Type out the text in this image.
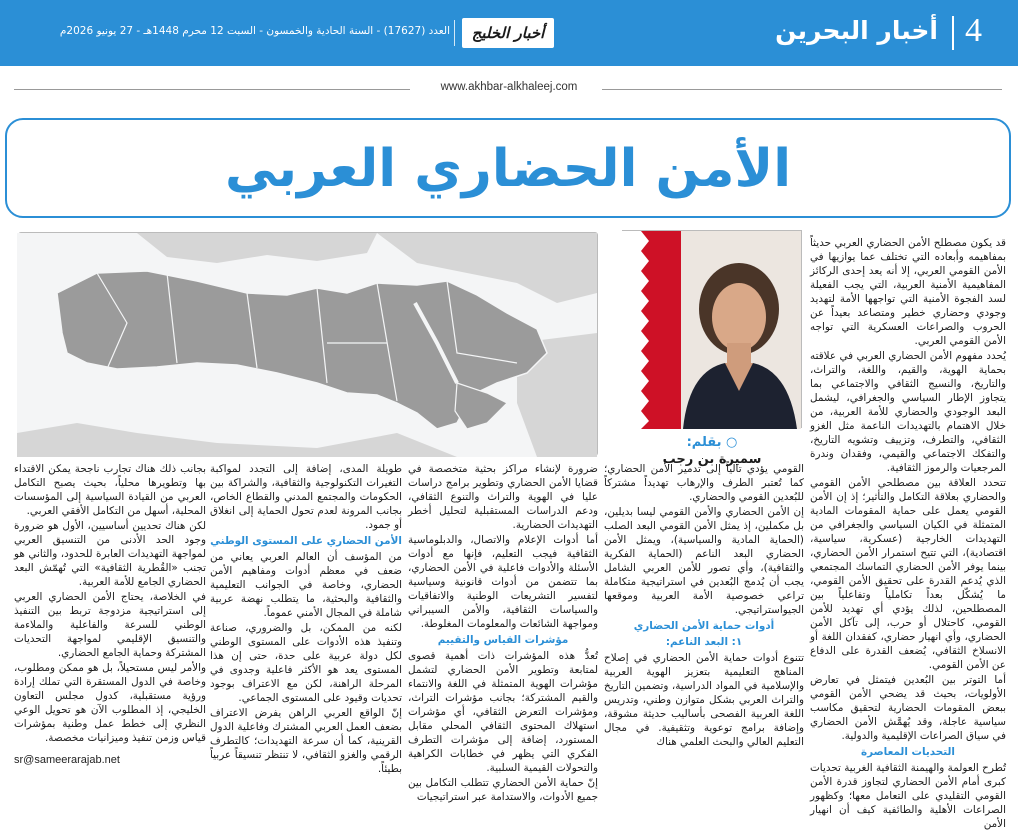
4
أخبار البحرين
أخبار الخليج
العدد (17627) - السنة الحادية والخمسون - السبت 12 محرم 1448هـ - 27 يونيو 2026م
www.akhbar-alkhaleej.com
الأمن الحضاري العربي

قد يكون مصطلح الأمن الحضاري العربي حديثاً بمفاهيمه وأبعاده التي تختلف عما يوازيها في الأمن القومي العربي، إلا أنه يعد إحدى الركائز المفاهيمية الأمنية العربية، التي يجب الفعيلة لسد الفجوة الأمنية التي تواجهها الأمة لتهديد وجودي وحضاري خطير ومتصاعد بعيداً عن الحروب والصراعات العسكرية التي تواجه الأمن القومي العربي.

يُحدد مفهوم الأمن الحضاري العربي في علاقته بحماية الهوية، والقيم، واللغة، والتراث، والتاريخ، والنسيج الثقافي والاجتماعي بما يتجاوز الإطار السياسي والجغرافي، ليشمل البعد الوجودي والحضاري للأمة العربية، من خلال الاهتمام بالتهديدات الناعمة مثل الغزو الثقافي، والتطرف، وتزييف وتشويه التاريخ، والتفكك الاجتماعي والقيمي، وفقدان وندرة المرجعيات والرموز الثقافية.

تتحدد العلاقة بين مصطلحي الأمن القومي والحضاري بعلاقة التكامل والتأثير؛ إذ إن الأمن القومي يعمل على حماية المقومات المادية المتمثلة في الكيان السياسي والجغرافي من التهديدات الخارجية (عسكرية، سياسية، اقتصادية)، التي تتيح استمرار الأمن الحضاري، بينما يوفر الأمن الحضاري التماسك المجتمعي الذي يُدعم القدرة على تحقيق الأمن القومي، ما يُشكّل بعداً تكاملياً وتفاعلياً بين المصطلحين، لذلك يؤدي أي تهديد للأمن القومي، كاحتلال أو حرب، إلى تآكل الأمن الحضاري، وأي انهيار حضاري، كفقدان اللغة أو الانسلاخ الثقافي، يُضعف القدرة على الدفاع عن الأمن القومي.

أما التوتر بين البُعدين فيتمثل في تعارض الأولويات، بحيث قد يضحي الأمن القومي ببعض المقومات الحضارية لتحقيق مكاسب سياسية عاجلة، وقد يُهمَّش الأمن الحضاري في سياق الصراعات الإقليمية والدولية.

التحديات المعاصرة

تُطرح العولمة والهيمنة الثقافية الغربية تحديات كبرى أمام الأمن الحضاري لتجاوز قدرة الأمن القومي التقليدي على التعامل معها؛ وكظهور الصراعات الأهلية والطائفية كيف أن انهيار الأمن

○ بقلم:
سميرة بن رجب

القومي يؤدي تالياً إلى تدمير الأمن الحضاري؛ كما تُعتبر الطرف والإرهاب تهديداً مشتركاً للبُعدين القومي والحضاري.

إن الأمن الحضاري والأمن القومي ليسا بديلين، بل مكملين، إذ يمثل الأمن القومي البعد الصلب (الحماية المادية والسياسية)، ويمثل الأمن الحضاري البعد الناعم (الحماية الفكرية والثقافية)، وأي تصور للأمن العربي الشامل يجب أن يُدمج البُعدين في استراتيجية متكاملة تراعي خصوصية الأمة العربية وموقعها الجيواستراتيجي.

أدوات حماية الأمن الحضاري

١: البعد الناعم:

تتنوع أدوات حماية الأمن الحضاري في إصلاح المناهج التعليمية بتعزيز الهوية العربية والإسلامية في المواد الدراسية، وتضمين التاريخ والتراث العربي بشكل متوازن وطني، وتدريس اللغة العربية الفصحى بأساليب حديثة مشوقة، وإضافة برامج توعوية وتثقيفية. في مجال التعليم العالي والبحث العلمي هناك

ضرورة لإنشاء مراكز بحثية متخصصة في قضايا الأمن الحضاري وتطوير برامج دراسات عليا في الهوية والتراث والتنوع الثقافي، ودعم الدراسات المستقبلية لتحليل أخطر التهديدات الحضارية.

أما أدوات الإعلام والاتصال، والدبلوماسية الثقافية فيجب التعليم، فإنها مع أدوات الأسئلة والأدوات فاعلية في الأمن الحضاري، بما تتضمن من أدوات قانونية وسياسية لتفسير التشريعات الوطنية والاتفاقيات والسياسات الثقافية، والأمن السيبراني ومواجهة الشائعات والمعلومات المغلوطة.

مؤشرات القياس والتقييم

تُعدُّ هذه المؤشرات ذات أهمية قصوى لمتابعة وتطوير الأمن الحضاري لتشمل مؤشرات الهوية المتمثلة في اللغة والانتماء والقيم المشتركة؛ بجانب مؤشرات التراث، ومؤشرات التعرض الثقافي، أي مؤشرات استهلاك المحتوى الثقافي المحلي مقابل المستورد، إضافة إلى مؤشرات التطرف الفكري التي يظهر في خطابات الكراهية والتحولات القيمية السلبية.

إنّ حماية الأمن الحضاري تتطلب التكامل بين جميع الأدوات، والاستدامة عبر استراتيجيات

طويلة المدى، إضافة إلى التجدد لمواكبة التغيرات التكنولوجية والثقافية، والشراكة بين الحكومات والمجتمع المدني والقطاع الخاص، بجانب المرونة لعدم تحول الحماية إلى انغلاق أو جمود.

الأمن الحضاري على المستوى الوطني

من المؤسف أن العالم العربي يعاني من ضعف في معظم أدوات ومفاهيم الأمن الحضاري، وخاصة في الجوانب التعليمية والثقافية والبحثية، ما يتطلب نهضة عربية شاملة في المجال الأمني عموماً.

لكنه من الممكن، بل والضروري، صناعة وتنفيذ هذه الأدوات على المستوى الوطني لكل دولة عربية على حدة، حتى إن هذا المستوى يعد هو الأكثر فاعلية وجدوى في المرحلة الراهنة، لكن مع الاعتراف بوجود تحديات وقيود على المستوى الجماعي.

إنّ الواقع العربي الراهن يفرض الاعتراف بضعف العمل العربي المشترك وفاعلية الدول القرينية، كما أن سرعة التهديدات؛ كالتطرف الرقمي والغزو الثقافي، لا تنتظر تنسيقاً عربياً بطيئاً.

بجانب ذلك هناك تجارب ناجحة يمكن الاقتداء بها وتطويرها محلياً، بحيث يصبح التكامل العربي من القيادة السياسية إلى المؤسسات المحلية، أسهل من التكامل الأفقي العربي.

لكن هناك تحديين أساسيين، الأول هو ضرورة وجود الحد الأدنى من التنسيق العربي لمواجهة التهديدات العابرة للحدود، والثاني هو تجنب «القُطرية الثقافية» التي تُهمّش البعد الحضاري الجامع للأمة العربية.

في الخلاصة، يحتاج الأمن الحضاري العربي إلى استراتيجية مزدوجة تربط بين التنفيذ الوطني للسرعة والفاعلية والملاءمة والتنسيق الإقليمي لمواجهة التحديات المشتركة وحماية الجامع الحضاري.

والأمر ليس مستحيلاً، بل هو ممكن ومطلوب، وخاصة في الدول المستقرة التي تملك إرادة ورؤية مستقبلية، كدول مجلس التعاون الخليجي، إذ المطلوب الآن هو تحويل الوعي النظري إلى خطط عمل وطنية بمؤشرات قياس وزمن تنفيذ وميزانيات مخصصة.

sr@sameerarajab.net
